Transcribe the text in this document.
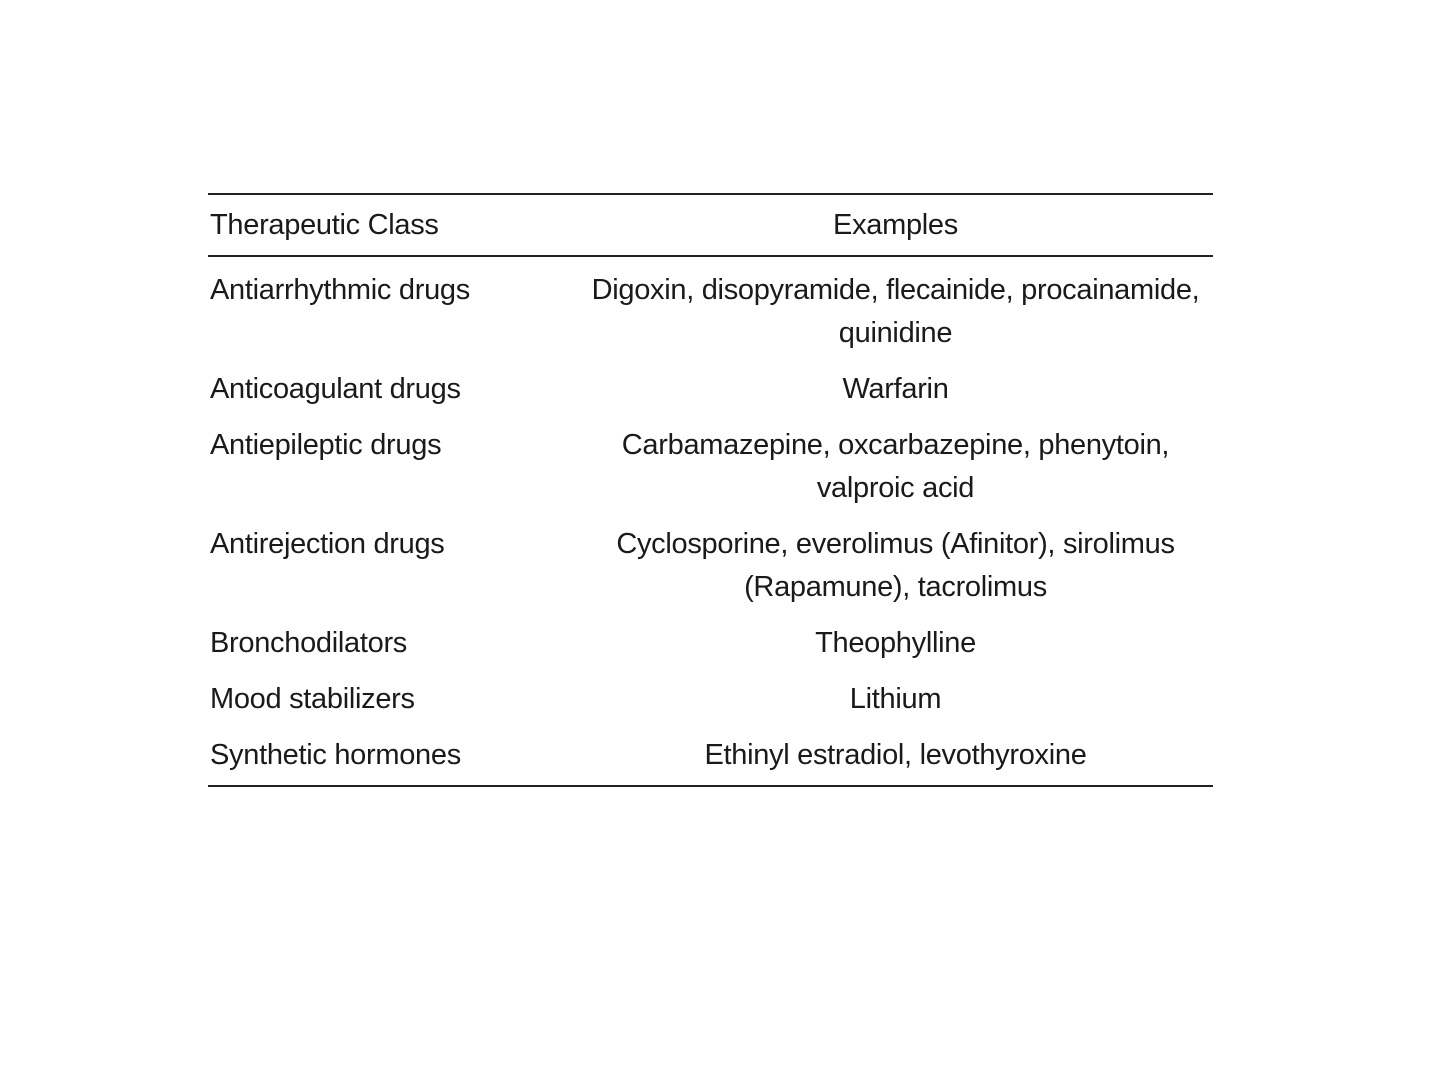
Therapeutic Class	Examples
Antiarrhythmic drugs	Digoxin, disopyramide, flecainide, procainamide,
quinidine
Anticoagulant drugs	Warfarin
Antiepileptic drugs	Carbamazepine, oxcarbazepine, phenytoin,
valproic acid
Antirejection drugs	Cyclosporine, everolimus (Afinitor), sirolimus
(Rapamune), tacrolimus
Bronchodilators	Theophylline
Mood stabilizers	Lithium
Synthetic hormones	Ethinyl estradiol, levothyroxine
